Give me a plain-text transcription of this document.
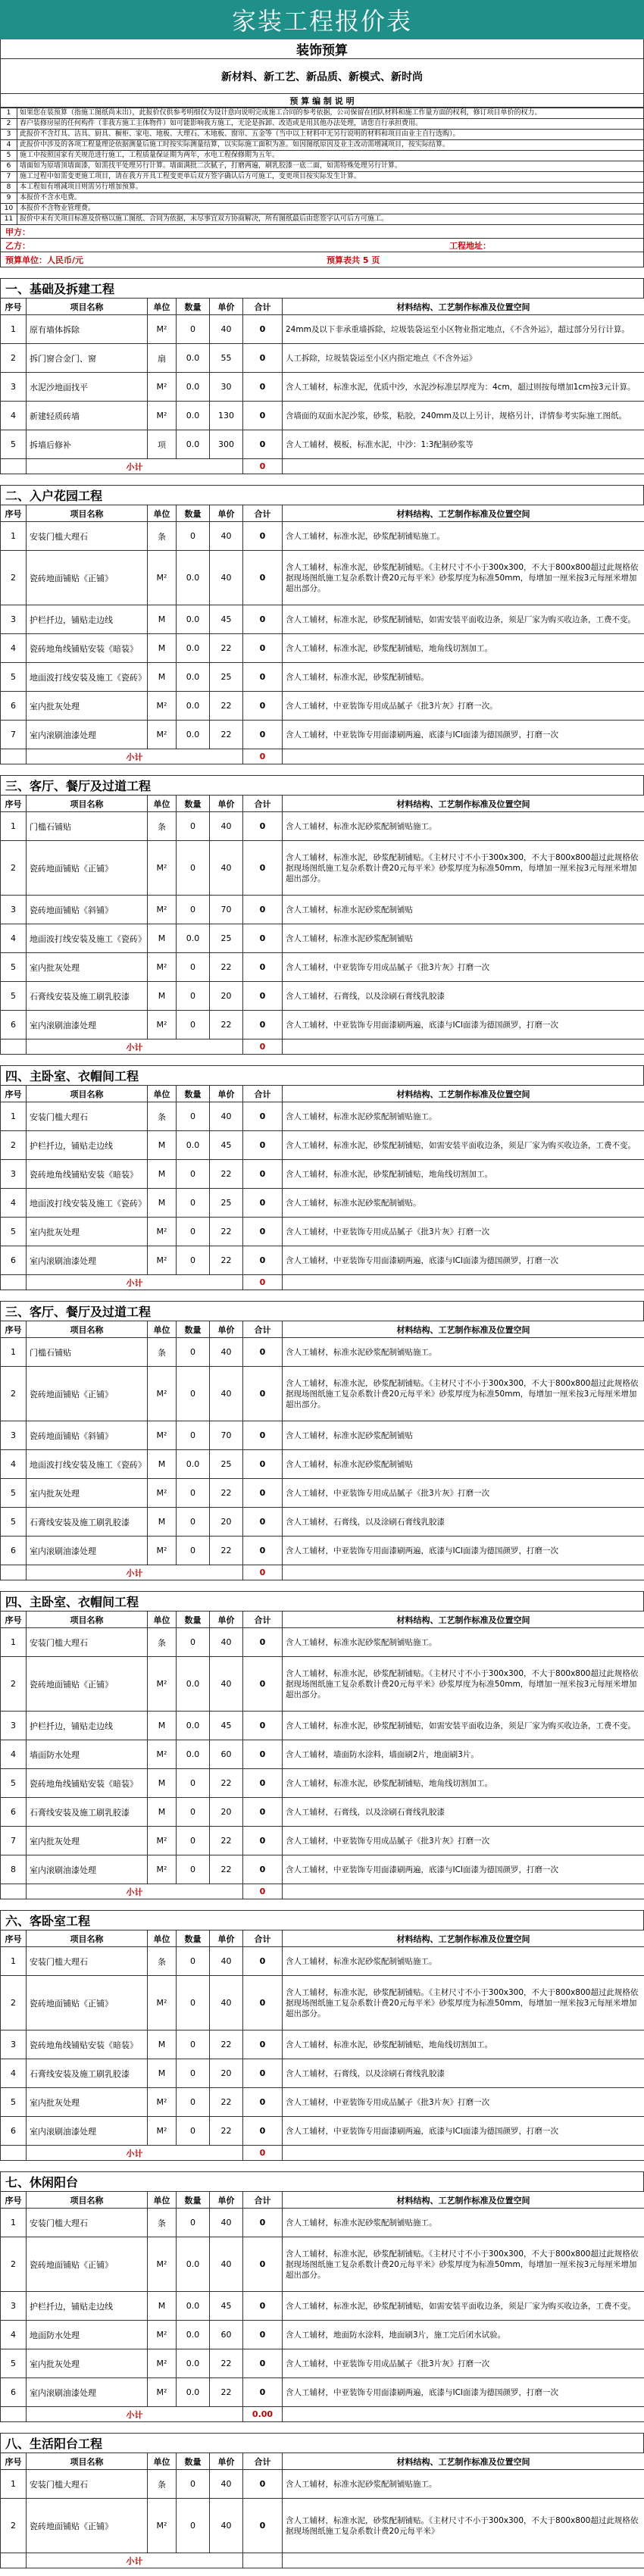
家装工程报价表
装饰预算
新材料、新工艺、新品质、新模式、新时尚
预 算 编 制 说 明
1	如果您在装预算（指施工图纸尚未出），此报价仅供参考明细仅为设计意向说明完成施工合同的参考依据，公司保留在团队材料和施工作量方面的权利，修订项目单价的权力。
2	春户装修房屋的任何构件（非我方施工主体物件）如可能影响我方施工，无论是拆卸、改造或是用其他办法处理，请您自行承担费用。
3	此报价不含灯具、洁具、厨具、橱柜、家电、地板、大理石、木地板、窗帘、五金等（当中以上材料中无另行说明的材料和项目由业主自行选购）。
4	此报价中涉及的各项工程量理论依据测量后施工时按实际测量结算，以实际施工面积为准。如因图纸原因及业主改动需增减项目，按实际结算。
5	施工中按照国家有关规范进行施工，工程质量保证期为两年，水电工程保修期为五年。
6	墙面如为原墙顶墙面漆，如需找平处理另行计算。墙面满批二次腻子，打磨两遍，刷乳胶漆一底二面，如需特殊处理另行计算。
7	施工过程中如需变更施工项目，请在我方开具工程变更单后双方签字确认后方可施工，变更项目按实际发生计算。
8	本工程如有增减项目则需另行增加预算。
9	本报价不含水电费。
10	本报价不含物业管理费。
11	报价中未有关项目标准及价格以施工图纸、合同为依据，未尽事宜双方协商解决，所有图纸最后由您签字认可后方可施工。
甲方：
乙方：	工程地址：
预算单位：人民币/元	预算表共 5 页
一、基础及拆建工程
序号	项目名称	单位	数量	单价	合计	材料结构、工艺制作标准及位置空间
1	原有墙体拆除	M²	0	40	0	24mm及以下非承重墙拆除，垃圾装袋运至小区物业指定地点，《不含外运》，超过部分另行计算。
2	拆门窗合金门、窗	扇	0.0	55	0	人工拆除，垃圾装袋运至小区内指定地点《不含外运》
3	水泥沙地面找平	M²	0.0	30	0	含人工辅材，标准水泥，优质中沙，水泥沙标准层厚度为：4cm，超过则按每增加1cm按3元计算。
4	新建轻质砖墙	M²	0.0	130	0	含墙面的双面水泥沙浆，砂浆，粘胶，240mm及以上另计，规格另计，详情参考实际施工图纸。
5	拆墙后修补	项	0.0	300	0	含人工辅材，模板，标准水泥，中沙：1:3配制砂浆等
	小计				0	
二、入户花园工程
序号	项目名称	单位	数量	单价	合计	材料结构、工艺制作标准及位置空间
1	安装门槛大理石	条	0	40	0	含人工辅材，标准水泥，砂浆配制铺贴施工。
2	瓷砖地面铺贴《正铺》	M²	0.0	40	0	含人工辅材，标准水泥，砂浆配制铺贴。《主材尺寸不小于300x300，不大于800x800超过此规格依据现场图纸施工复杂系数计费20元每平米》砂浆厚度为标准50mm，每增加一厘米按3元每厘米增加超出部分。
3	护栏扦边，铺贴走边线	M	0.0	45	0	含人工辅材，标准水泥，砂浆配制铺贴，如需安装平面收边条，须是厂家为购买收边条，工费不变。
4	瓷砖地角线铺贴安装《暗装》	M	0.0	22	0	含人工辅材，标准水泥，砂浆配制铺贴，地角线切割加工。
5	地面波打线安装及施工《瓷砖》	M	0.0	25	0	含人工辅材，标准水泥，砂浆配制铺贴。
6	室内批灰处理	M²	0.0	22	0	含人工辅材，中亚装饰专用成品腻子《批3片灰》打磨一次。
7	室内滚刷油漆处理	M²	0.0	22	0	含人工辅材，中亚装饰专用面漆刷两遍，底漆与ICI面漆为德国颜罗，打磨一次
	小计				0	
三、客厅、餐厅及过道工程
序号	项目名称	单位	数量	单价	合计	材料结构、工艺制作标准及位置空间
1	门槛石铺贴	条	0	40	0	含人工辅材，标准水泥砂浆配制铺贴施工。
2	瓷砖地面铺贴《正铺》	M²	0	40	0	含人工辅材，标准水泥，砂浆配制铺贴。《主材尺寸不小于300x300，不大于800x800超过此规格依据现场图纸施工复杂系数计费20元每平米》砂浆厚度为标准50mm，每增加一厘米按3元每厘米增加超出部分。
3	瓷砖地面铺贴《斜铺》	M²	0	70	0	含人工辅材，标准水泥砂浆配制铺贴
4	地面波打线安装及施工《瓷砖》	M	0.0	25	0	含人工辅材，标准水泥砂浆配制铺贴
5	室内批灰处理	M²	0	22	0	含人工辅材，中亚装饰专用成品腻子《批3片灰》打磨一次
5	石膏线安装及施工刷乳胶漆	M	0	20	0	含人工辅材，石膏线，以及涂刷石膏线乳胶漆
6	室内滚刷油漆处理	M²	0	22	0	含人工辅材，中亚装饰专用面漆刷两遍，底漆与ICI面漆为德国颜罗，打磨一次
	小计				0	
四、主卧室、衣帽间工程
序号	项目名称	单位	数量	单价	合计	材料结构、工艺制作标准及位置空间
1	安装门槛大理石	条	0	40	0	含人工辅材，标准水泥砂浆配制铺贴施工。
2	护栏扦边，铺贴走边线	M	0.0	45	0	含人工辅材，标准水泥，砂浆配制铺贴，如需安装平面收边条，须是厂家为购买收边条，工费不变。
3	瓷砖地角线铺贴安装《暗装》	M	0	22	0	含人工辅材，标准水泥，砂浆配制铺贴，地角线切割加工。
4	地面波打线安装及施工《瓷砖》	M	0	25	0	含人工辅材，标准水泥砂浆配制铺贴。
5	室内批灰处理	M²	0	22	0	含人工辅材，中亚装饰专用成品腻子《批3片灰》打磨一次
6	室内滚刷油漆处理	M²	0	22	0	含人工辅材，中亚装饰专用面漆刷两遍，底漆与ICI面漆为德国颜罗，打磨一次
	小计				0	
三、客厅、餐厅及过道工程
序号	项目名称	单位	数量	单价	合计	材料结构、工艺制作标准及位置空间
1	门槛石铺贴	条	0	40	0	含人工辅材，标准水泥砂浆配制铺贴施工。
2	瓷砖地面铺贴《正铺》	M²	0	40	0	含人工辅材，标准水泥，砂浆配制铺贴。《主材尺寸不小于300x300，不大于800x800超过此规格依据现场图纸施工复杂系数计费20元每平米》砂浆厚度为标准50mm，每增加一厘米按3元每厘米增加超出部分。
3	瓷砖地面铺贴《斜铺》	M²	0	70	0	含人工辅材，标准水泥砂浆配制铺贴
4	地面波打线安装及施工《瓷砖》	M	0.0	25	0	含人工辅材，标准水泥砂浆配制铺贴
5	室内批灰处理	M²	0	22	0	含人工辅材，中亚装饰专用成品腻子《批3片灰》打磨一次
5	石膏线安装及施工刷乳胶漆	M	0	20	0	含人工辅材，石膏线，以及涂刷石膏线乳胶漆
6	室内滚刷油漆处理	M²	0	22	0	含人工辅材，中亚装饰专用面漆刷两遍，底漆与ICI面漆为德国颜罗，打磨一次
	小计				0	
四、主卧室、衣帽间工程
序号	项目名称	单位	数量	单价	合计	材料结构、工艺制作标准及位置空间
1	安装门槛大理石	条	0	40	0	含人工辅材，标准水泥砂浆配制铺贴施工。
2	瓷砖地面铺贴《正铺》	M²	0.0	40	0	含人工辅材，标准水泥，砂浆配制铺贴。《主材尺寸不小于300x300，不大于800x800超过此规格依据现场图纸施工复杂系数计费20元每平米》砂浆厚度为标准50mm，每增加一厘米按3元每厘米增加超出部分。
3	护栏扦边，铺贴走边线	M	0.0	45	0	含人工辅材，标准水泥，砂浆配制铺贴，如需安装平面收边条，须是厂家为购买收边条，工费不变。
4	墙面防水处理	M²	0.0	60	0	含人工辅材，墙面防水涂料，墙面刷2片，地面刷3片。
5	瓷砖地角线铺贴安装《暗装》	M	0	22	0	含人工辅材，标准水泥，砂浆配制铺贴，地角线切割加工。
6	石膏线安装及施工刷乳胶漆	M	0	20	0	含人工辅材，石膏线，以及涂刷石膏线乳胶漆
7	室内批灰处理	M²	0	22	0	含人工辅材，中亚装饰专用成品腻子《批3片灰》打磨一次
8	室内滚刷油漆处理	M²	0	22	0	含人工辅材，中亚装饰专用面漆刷两遍，底漆与ICI面漆为德国颜罗，打磨一次
	小计				0	
六、客卧室工程
序号	项目名称	单位	数量	单价	合计	材料结构、工艺制作标准及位置空间
1	安装门槛大理石	条	0	40	0	含人工辅材，标准水泥砂浆配制铺贴施工。
2	瓷砖地面铺贴《正铺》	M²	0	40	0	含人工辅材，标准水泥，砂浆配制铺贴。《主材尺寸不小于300x300，不大于800x800超过此规格依据现场图纸施工复杂系数计费20元每平米》砂浆厚度为标准50mm，每增加一厘米按3元每厘米增加超出部分。
3	瓷砖地角线铺贴安装《暗装》	M	0	22	0	含人工辅材，标准水泥，砂浆配制铺贴，地角线切割加工。
4	石膏线安装及施工刷乳胶漆	M	0	20	0	含人工辅材，石膏线，以及涂刷石膏线乳胶漆
5	室内批灰处理	M²	0	22	0	含人工辅材，中亚装饰专用成品腻子《批3片灰》打磨一次
6	室内滚刷油漆处理	M²	0	22	0	含人工辅材，中亚装饰专用面漆刷两遍，底漆与ICI面漆为德国颜罗，打磨一次
	小计				0	
七、休闲阳台
序号	项目名称	单位	数量	单价	合计	材料结构、工艺制作标准及位置空间
1	安装门槛大理石	条	0	40	0	含人工辅材，标准水泥砂浆配制铺贴施工。
2	瓷砖地面铺贴《正铺》	M²	0.0	40	0	含人工辅材，标准水泥，砂浆配制铺贴。《主材尺寸不小于300x300，不大于800x800超过此规格依据现场图纸施工复杂系数计费20元每平米》砂浆厚度为标准50mm，每增加一厘米按3元每厘米增加超出部分。
3	护栏扦边，铺贴走边线	M	0.0	45	0	含人工辅材，标准水泥，砂浆配制铺贴，如需安装平面收边条，须是厂家为购买收边条，工费不变。
4	地面防水处理	M²	0.0	60	0	含人工辅材，地面防水涂料，地面刷3片，施工完后闭水试验。
5	室内批灰处理	M²	0.0	22	0	含人工辅材，中亚装饰专用成品腻子《批3片灰》打磨一次
6	室内滚刷油漆处理	M²	0.0	22	0	含人工辅材，中亚装饰专用面漆刷两遍，底漆与ICI面漆为德国颜罗，打磨一次
	小计				0.00	
八、生活阳台工程
序号	项目名称	单位	数量	单价	合计	材料结构、工艺制作标准及位置空间
1	安装门槛大理石	条	0	40	0	含人工辅材，标准水泥砂浆配制铺贴施工。
2	瓷砖地面铺贴《正铺》	M²	0	40	0	含人工辅材，标准水泥，砂浆配制铺贴。《主材尺寸不小于300x300，不大于800x800超过此规格依据现场图纸施工复杂系数计费20元每平米》
	小计					
